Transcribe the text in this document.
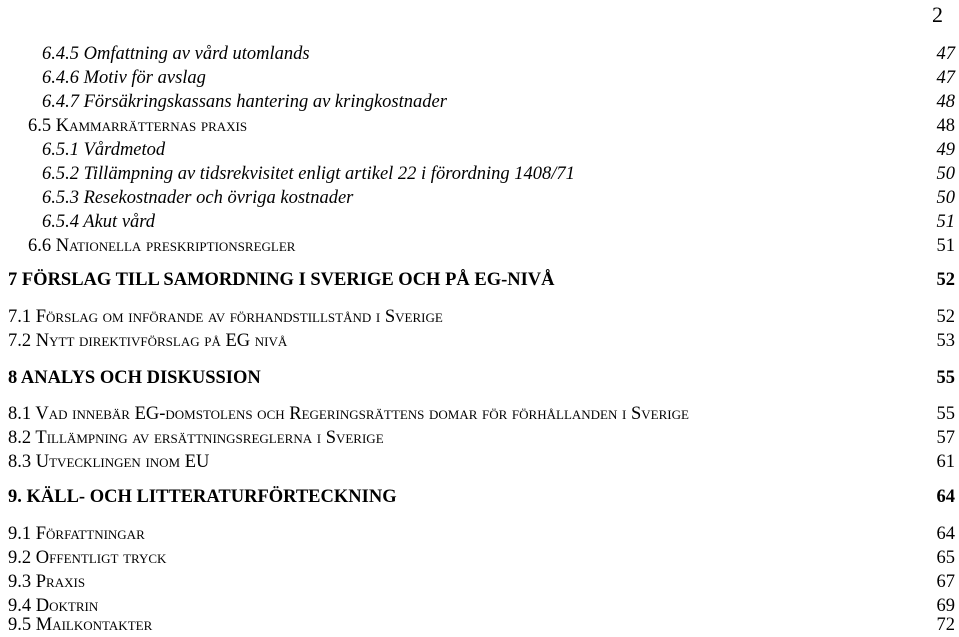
2
6.4.5 Omfattning av vård utomlands	47
6.4.6 Motiv för avslag	47
6.4.7 Försäkringskassans hantering av kringkostnader	48
6.5 Kammarrätternas praxis	48
6.5.1 Vårdmetod	49
6.5.2 Tillämpning av tidsrekvisitet enligt artikel 22 i förordning 1408/71	50
6.5.3 Resekostnader och övriga kostnader	50
6.5.4 Akut vård	51
6.6 Nationella preskriptionsregler	51
7 FÖRSLAG TILL SAMORDNING I SVERIGE OCH PÅ EG-NIVÅ	52
7.1 Förslag om införande av förhandstillstånd i Sverige	52
7.2 Nytt direktivförslag på EG nivå	53
8 ANALYS OCH DISKUSSION	55
8.1 Vad innebär EG-domstolens och Regeringsrättens domar för förhållanden i Sverige	55
8.2 Tillämpning av ersättningsreglerna i Sverige	57
8.3 Utvecklingen inom EU	61
9. KÄLL- OCH LITTERATURFÖRTECKNING	64
9.1 Författningar	64
9.2 Offentligt tryck	65
9.3 Praxis	67
9.4 Doktrin	69
9.5 Mailkontakter	72
